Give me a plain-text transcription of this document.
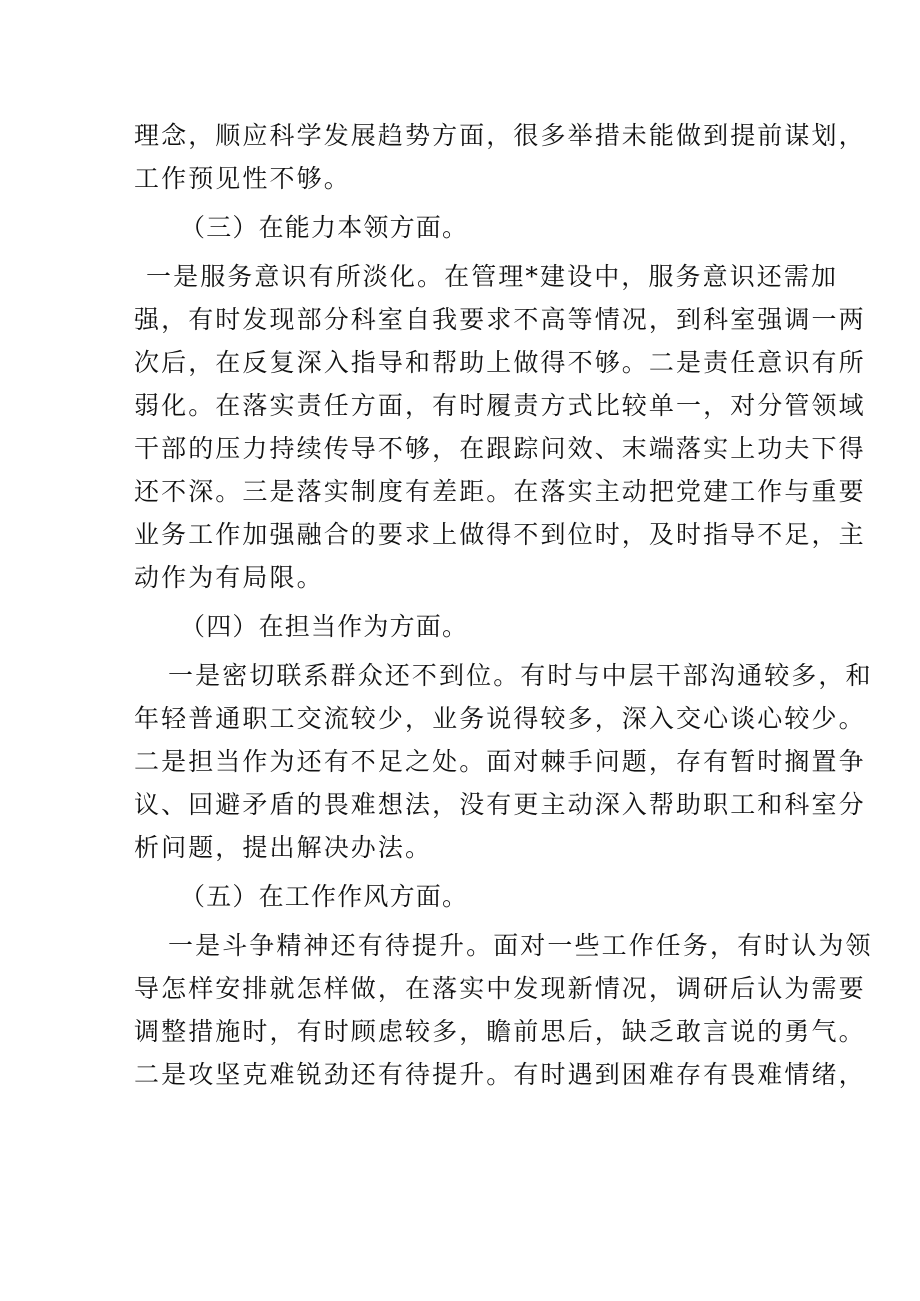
理念，顺应科学发展趋势方面，很多举措未能做到提前谋划，
工作预见性不够。
（三）在能力本领方面。
一是服务意识有所淡化。在管理*建设中，服务意识还需加
强，有时发现部分科室自我要求不高等情况，到科室强调一两
次后，在反复深入指导和帮助上做得不够。二是责任意识有所
弱化。在落实责任方面，有时履责方式比较单一，对分管领域
干部的压力持续传导不够，在跟踪问效、末端落实上功夫下得
还不深。三是落实制度有差距。在落实主动把党建工作与重要
业务工作加强融合的要求上做得不到位时，及时指导不足，主
动作为有局限。
（四）在担当作为方面。
一是密切联系群众还不到位。有时与中层干部沟通较多，和
年轻普通职工交流较少，业务说得较多，深入交心谈心较少。
二是担当作为还有不足之处。面对棘手问题，存有暂时搁置争
议、回避矛盾的畏难想法，没有更主动深入帮助职工和科室分
析问题，提出解决办法。
（五）在工作作风方面。
一是斗争精神还有待提升。面对一些工作任务，有时认为领
导怎样安排就怎样做，在落实中发现新情况，调研后认为需要
调整措施时，有时顾虑较多，瞻前思后，缺乏敢言说的勇气。
二是攻坚克难锐劲还有待提升。有时遇到困难存有畏难情绪，
